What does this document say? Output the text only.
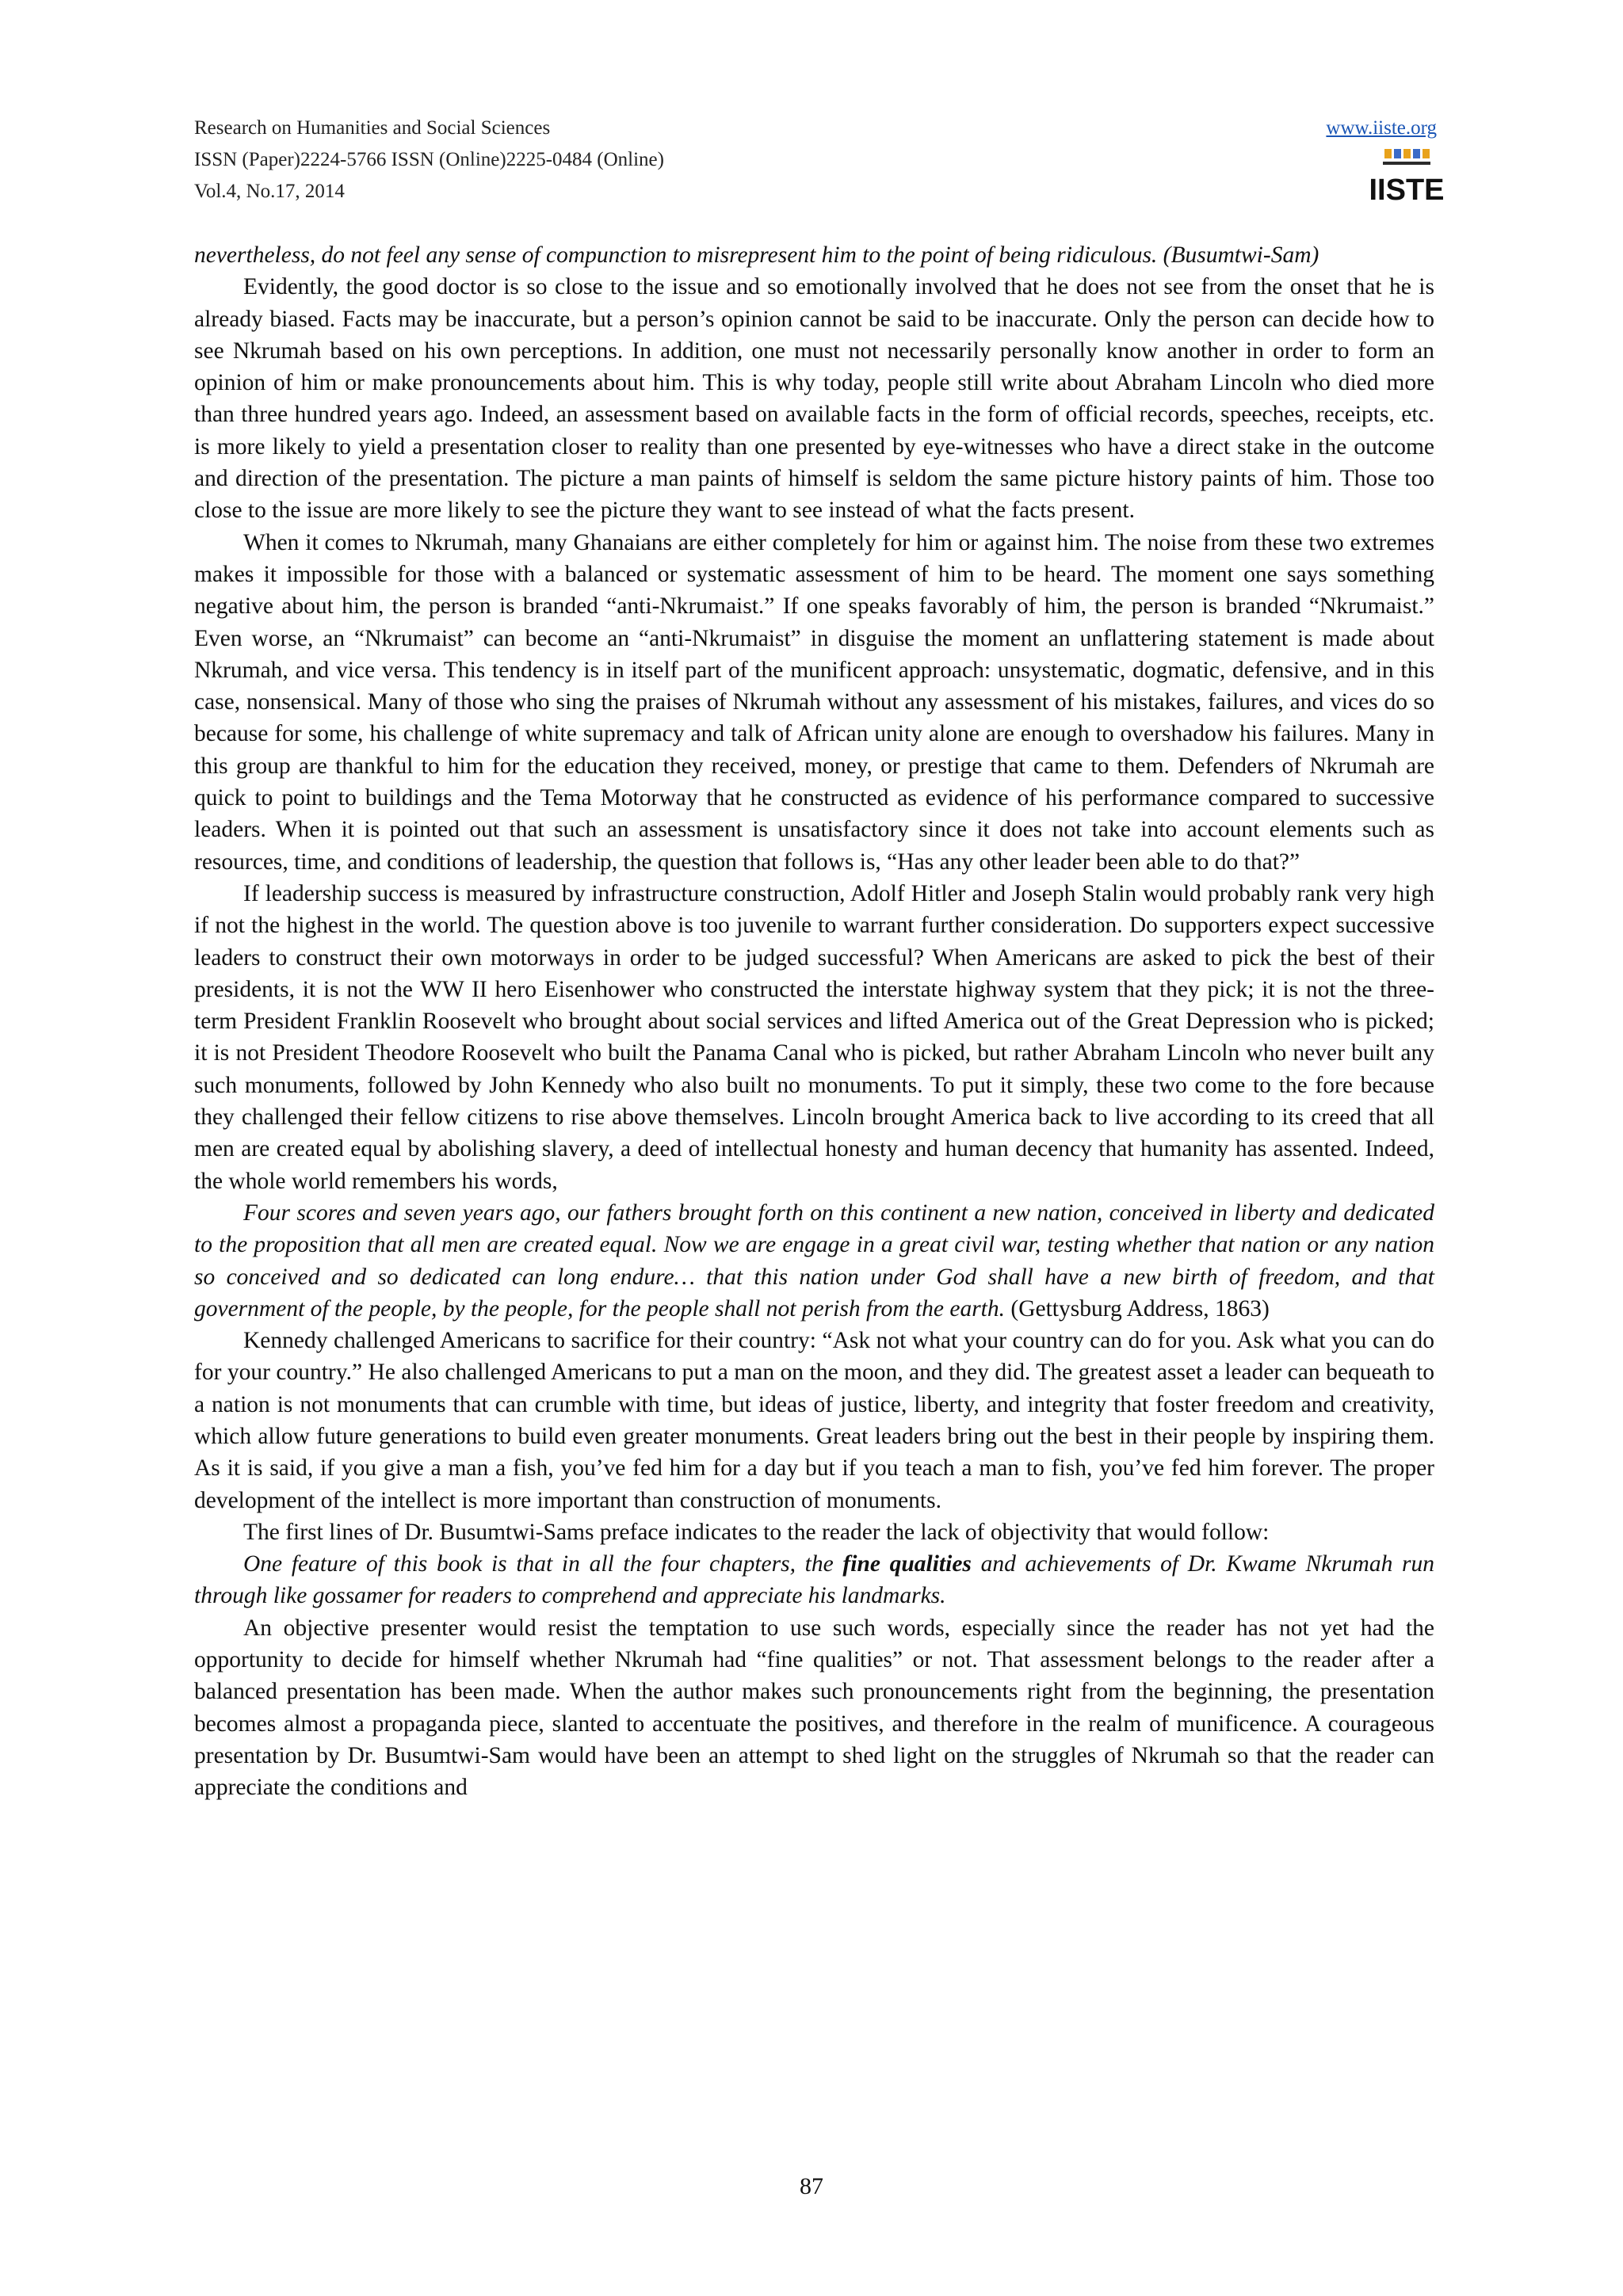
Research on Humanities and Social Sciences
ISSN (Paper)2224-5766 ISSN (Online)2225-0484 (Online)
Vol.4, No.17, 2014
www.iiste.org
IISTE

nevertheless, do not feel any sense of compunction to misrepresent him to the point of being ridiculous. (Busumtwi-Sam)

Evidently, the good doctor is so close to the issue and so emotionally involved that he does not see from the onset that he is already biased. Facts may be inaccurate, but a person’s opinion cannot be said to be inaccurate. Only the person can decide how to see Nkrumah based on his own perceptions. In addition, one must not necessarily personally know another in order to form an opinion of him or make pronouncements about him. This is why today, people still write about Abraham Lincoln who died more than three hundred years ago. Indeed, an assessment based on available facts in the form of official records, speeches, receipts, etc. is more likely to yield a presentation closer to reality than one presented by eye-witnesses who have a direct stake in the outcome and direction of the presentation. The picture a man paints of himself is seldom the same picture history paints of him. Those too close to the issue are more likely to see the picture they want to see instead of what the facts present.

When it comes to Nkrumah, many Ghanaians are either completely for him or against him. The noise from these two extremes makes it impossible for those with a balanced or systematic assessment of him to be heard. The moment one says something negative about him, the person is branded “anti-Nkrumaist.” If one speaks favorably of him, the person is branded “Nkrumaist.” Even worse, an “Nkrumaist” can become an “anti-Nkrumaist” in disguise the moment an unflattering statement is made about Nkrumah, and vice versa. This tendency is in itself part of the munificent approach: unsystematic, dogmatic, defensive, and in this case, nonsensical. Many of those who sing the praises of Nkrumah without any assessment of his mistakes, failures, and vices do so because for some, his challenge of white supremacy and talk of African unity alone are enough to overshadow his failures. Many in this group are thankful to him for the education they received, money, or prestige that came to them. Defenders of Nkrumah are quick to point to buildings and the Tema Motorway that he constructed as evidence of his performance compared to successive leaders. When it is pointed out that such an assessment is unsatisfactory since it does not take into account elements such as resources, time, and conditions of leadership, the question that follows is, “Has any other leader been able to do that?”

If leadership success is measured by infrastructure construction, Adolf Hitler and Joseph Stalin would probably rank very high if not the highest in the world. The question above is too juvenile to warrant further consideration. Do supporters expect successive leaders to construct their own motorways in order to be judged successful? When Americans are asked to pick the best of their presidents, it is not the WW II hero Eisenhower who constructed the interstate highway system that they pick; it is not the three-term President Franklin Roosevelt who brought about social services and lifted America out of the Great Depression who is picked; it is not President Theodore Roosevelt who built the Panama Canal who is picked, but rather Abraham Lincoln who never built any such monuments, followed by John Kennedy who also built no monuments. To put it simply, these two come to the fore because they challenged their fellow citizens to rise above themselves. Lincoln brought America back to live according to its creed that all men are created equal by abolishing slavery, a deed of intellectual honesty and human decency that humanity has assented. Indeed, the whole world remembers his words,

Four scores and seven years ago, our fathers brought forth on this continent a new nation, conceived in liberty and dedicated to the proposition that all men are created equal. Now we are engage in a great civil war, testing whether that nation or any nation so conceived and so dedicated can long endure… that this nation under God shall have a new birth of freedom, and that government of the people, by the people, for the people shall not perish from the earth. (Gettysburg Address, 1863)

Kennedy challenged Americans to sacrifice for their country: “Ask not what your country can do for you. Ask what you can do for your country.” He also challenged Americans to put a man on the moon, and they did. The greatest asset a leader can bequeath to a nation is not monuments that can crumble with time, but ideas of justice, liberty, and integrity that foster freedom and creativity, which allow future generations to build even greater monuments. Great leaders bring out the best in their people by inspiring them. As it is said, if you give a man a fish, you’ve fed him for a day but if you teach a man to fish, you’ve fed him forever. The proper development of the intellect is more important than construction of monuments.

The first lines of Dr. Busumtwi-Sams preface indicates to the reader the lack of objectivity that would follow:

One feature of this book is that in all the four chapters, the fine qualities and achievements of Dr. Kwame Nkrumah run through like gossamer for readers to comprehend and appreciate his landmarks.

An objective presenter would resist the temptation to use such words, especially since the reader has not yet had the opportunity to decide for himself whether Nkrumah had “fine qualities” or not. That assessment belongs to the reader after a balanced presentation has been made. When the author makes such pronouncements right from the beginning, the presentation becomes almost a propaganda piece, slanted to accentuate the positives, and therefore in the realm of munificence. A courageous presentation by Dr. Busumtwi-Sam would have been an attempt to shed light on the struggles of Nkrumah so that the reader can appreciate the conditions and

87
